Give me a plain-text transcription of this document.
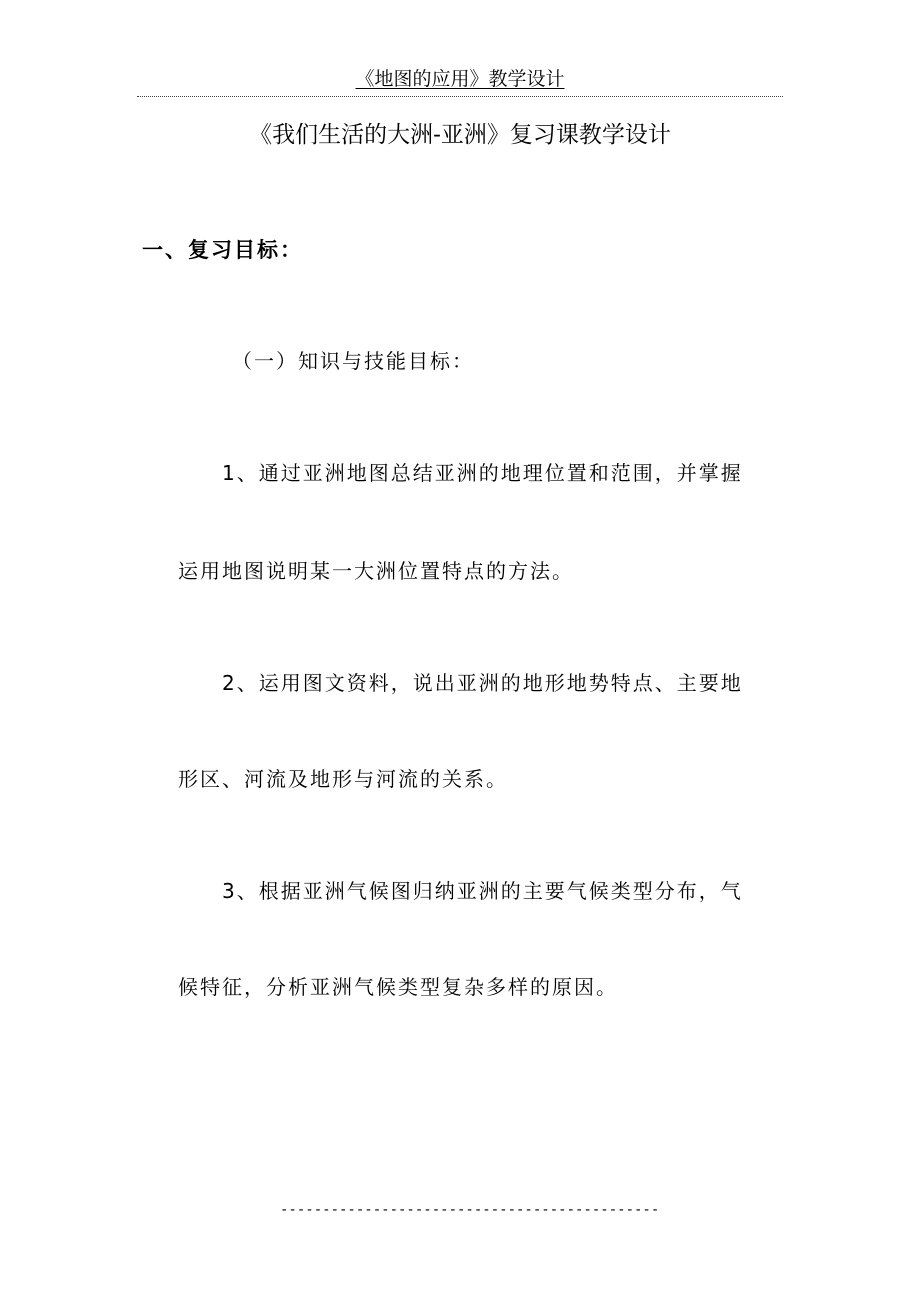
《地图的应用》教学设计
《我们生活的大洲-亚洲》复习课教学设计
一、复习目标：
（一）知识与技能目标：
1、通过亚洲地图总结亚洲的地理位置和范围，并掌握
运用地图说明某一大洲位置特点的方法。
2、运用图文资料，说出亚洲的地形地势特点、主要地
形区、河流及地形与河流的关系。
3、根据亚洲气候图归纳亚洲的主要气候类型分布，气
候特征，分析亚洲气候类型复杂多样的原因。
---------------------------------------------
